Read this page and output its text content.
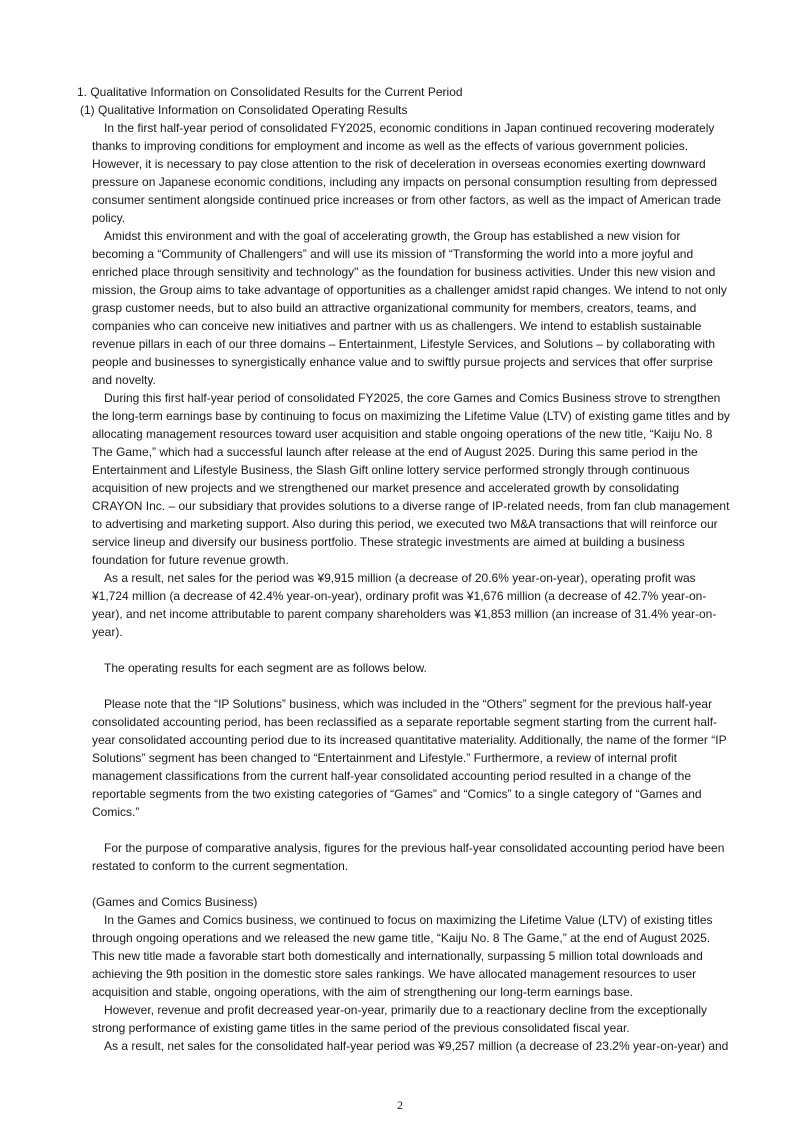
1. Qualitative Information on Consolidated Results for the Current Period
(1) Qualitative Information on Consolidated Operating Results

In the first half-year period of consolidated FY2025, economic conditions in Japan continued recovering moderately thanks to improving conditions for employment and income as well as the effects of various government policies. However, it is necessary to pay close attention to the risk of deceleration in overseas economies exerting downward pressure on Japanese economic conditions, including any impacts on personal consumption resulting from depressed consumer sentiment alongside continued price increases or from other factors, as well as the impact of American trade policy.

Amidst this environment and with the goal of accelerating growth, the Group has established a new vision for becoming a “Community of Challengers” and will use its mission of “Transforming the world into a more joyful and enriched place through sensitivity and technology" as the foundation for business activities. Under this new vision and mission, the Group aims to take advantage of opportunities as a challenger amidst rapid changes. We intend to not only grasp customer needs, but to also build an attractive organizational community for members, creators, teams, and companies who can conceive new initiatives and partner with us as challengers. We intend to establish sustainable revenue pillars in each of our three domains – Entertainment, Lifestyle Services, and Solutions – by collaborating with people and businesses to synergistically enhance value and to swiftly pursue projects and services that offer surprise and novelty.

During this first half-year period of consolidated FY2025, the core Games and Comics Business strove to strengthen the long-term earnings base by continuing to focus on maximizing the Lifetime Value (LTV) of existing game titles and by allocating management resources toward user acquisition and stable ongoing operations of the new title, “Kaiju No. 8 The Game,” which had a successful launch after release at the end of August 2025. During this same period in the Entertainment and Lifestyle Business, the Slash Gift online lottery service performed strongly through continuous acquisition of new projects and we strengthened our market presence and accelerated growth by consolidating CRAYON Inc. – our subsidiary that provides solutions to a diverse range of IP-related needs, from fan club management to advertising and marketing support. Also during this period, we executed two M&A transactions that will reinforce our service lineup and diversify our business portfolio. These strategic investments are aimed at building a business foundation for future revenue growth.

As a result, net sales for the period was ¥9,915 million (a decrease of 20.6% year-on-year), operating profit was ¥1,724 million (a decrease of 42.4% year-on-year), ordinary profit was ¥1,676 million (a decrease of 42.7% year-on-year), and net income attributable to parent company shareholders was ¥1,853 million (an increase of 31.4% year-on-year).

The operating results for each segment are as follows below.

Please note that the “IP Solutions” business, which was included in the “Others” segment for the previous half-year consolidated accounting period, has been reclassified as a separate reportable segment starting from the current half-year consolidated accounting period due to its increased quantitative materiality. Additionally, the name of the former “IP Solutions” segment has been changed to “Entertainment and Lifestyle.” Furthermore, a review of internal profit management classifications from the current half-year consolidated accounting period resulted in a change of the reportable segments from the two existing categories of “Games” and “Comics” to a single category of “Games and Comics.”

For the purpose of comparative analysis, figures for the previous half-year consolidated accounting period have been restated to conform to the current segmentation.

(Games and Comics Business)

In the Games and Comics business, we continued to focus on maximizing the Lifetime Value (LTV) of existing titles through ongoing operations and we released the new game title, “Kaiju No. 8 The Game,” at the end of August 2025. This new title made a favorable start both domestically and internationally, surpassing 5 million total downloads and achieving the 9th position in the domestic store sales rankings. We have allocated management resources to user acquisition and stable, ongoing operations, with the aim of strengthening our long-term earnings base.

However, revenue and profit decreased year-on-year, primarily due to a reactionary decline from the exceptionally strong performance of existing game titles in the same period of the previous consolidated fiscal year.

As a result, net sales for the consolidated half-year period was ¥9,257 million (a decrease of 23.2% year-on-year) and

2
